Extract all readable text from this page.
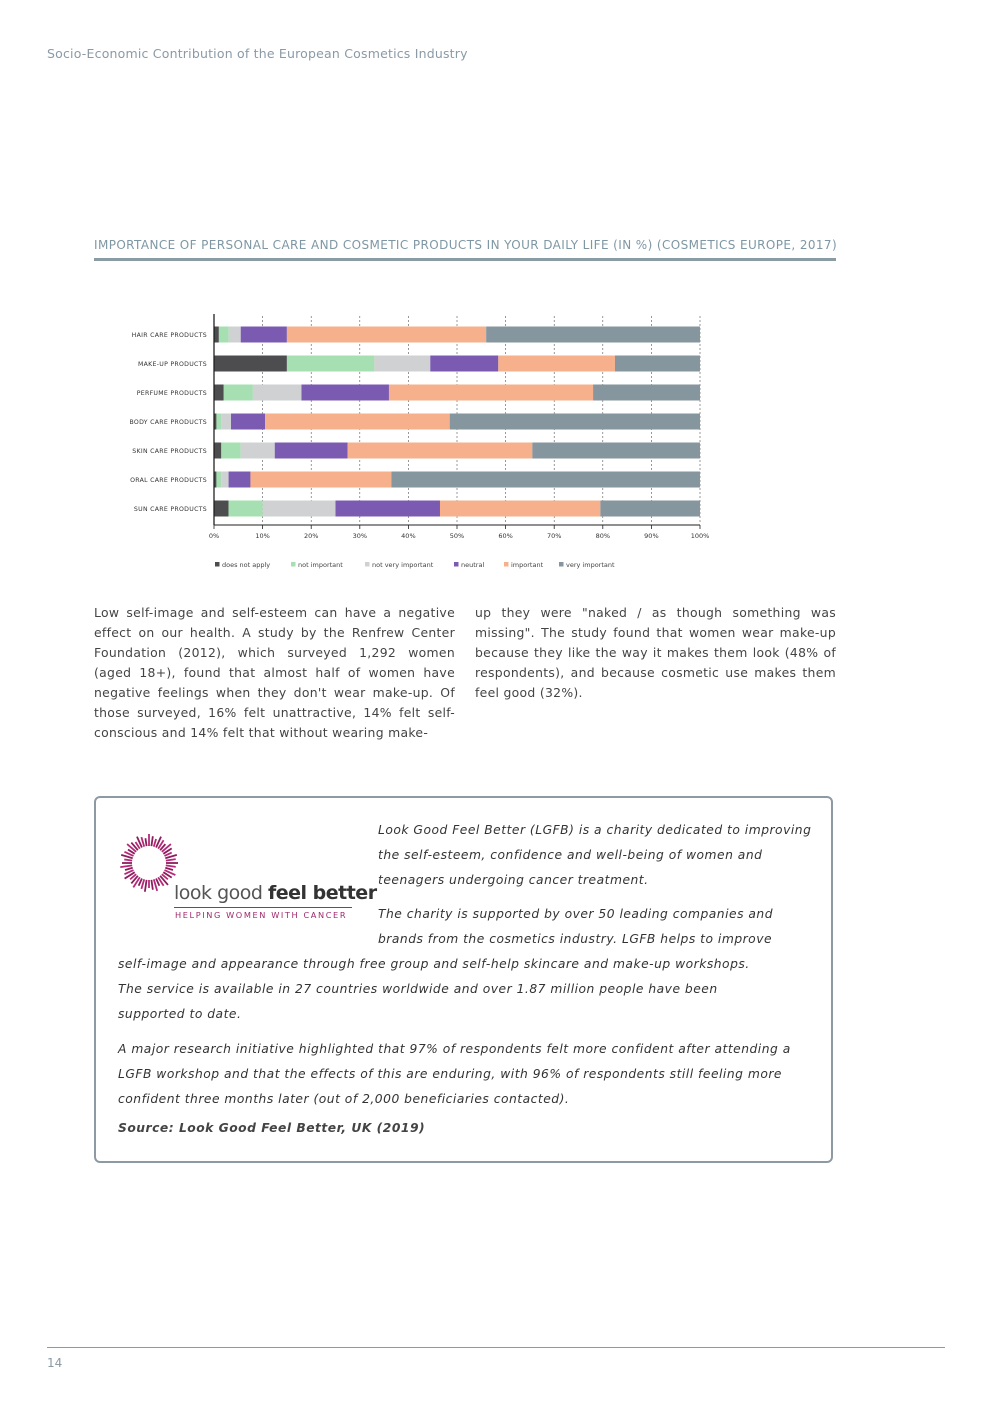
Socio-Economic Contribution of the European Cosmetics Industry
IMPORTANCE OF PERSONAL CARE AND COSMETIC PRODUCTS IN YOUR DAILY LIFE (IN %) (COSMETICS EUROPE, 2017)
HAIR CARE PRODUCTS
MAKE-UP PRODUCTS
PERFUME PRODUCTS
BODY CARE PRODUCTS
SKIN CARE PRODUCTS
ORAL CARE PRODUCTS
SUN CARE PRODUCTS
0%	10%	20%	30%	40%	50%	60%	70%	80%	90%	100%
does not apply	not important	not very important	neutral	important	very important
Low self-image and self-esteem can have a negative effect on our health. A study by the Renfrew Center Foundation (2012), which surveyed 1,292 women (aged 18+), found that almost half of women have negative feelings when they don't wear make-up. Of those surveyed, 16% felt unattractive, 14% felt self-conscious and 14% felt that without wearing make-
up they were "naked / as though something was missing". The study found that women wear make-up because they like the way it makes them look (48% of respondents), and because cosmetic use makes them feel good (32%).
look good feel better
HELPING WOMEN WITH CANCER
Look Good Feel Better (LGFB) is a charity dedicated to improving
the self-esteem, confidence and well-being of women and
teenagers undergoing cancer treatment.
The charity is supported by over 50 leading companies and
brands from the cosmetics industry. LGFB helps to improve
self-image and appearance through free group and self-help skincare and make-up workshops.
The service is available in 27 countries worldwide and over 1.87 million people have been
supported to date.
A major research initiative highlighted that 97% of respondents felt more confident after attending a
LGFB workshop and that the effects of this are enduring, with 96% of respondents still feeling more
confident three months later (out of 2,000 beneficiaries contacted).
Source: Look Good Feel Better, UK (2019)
14
